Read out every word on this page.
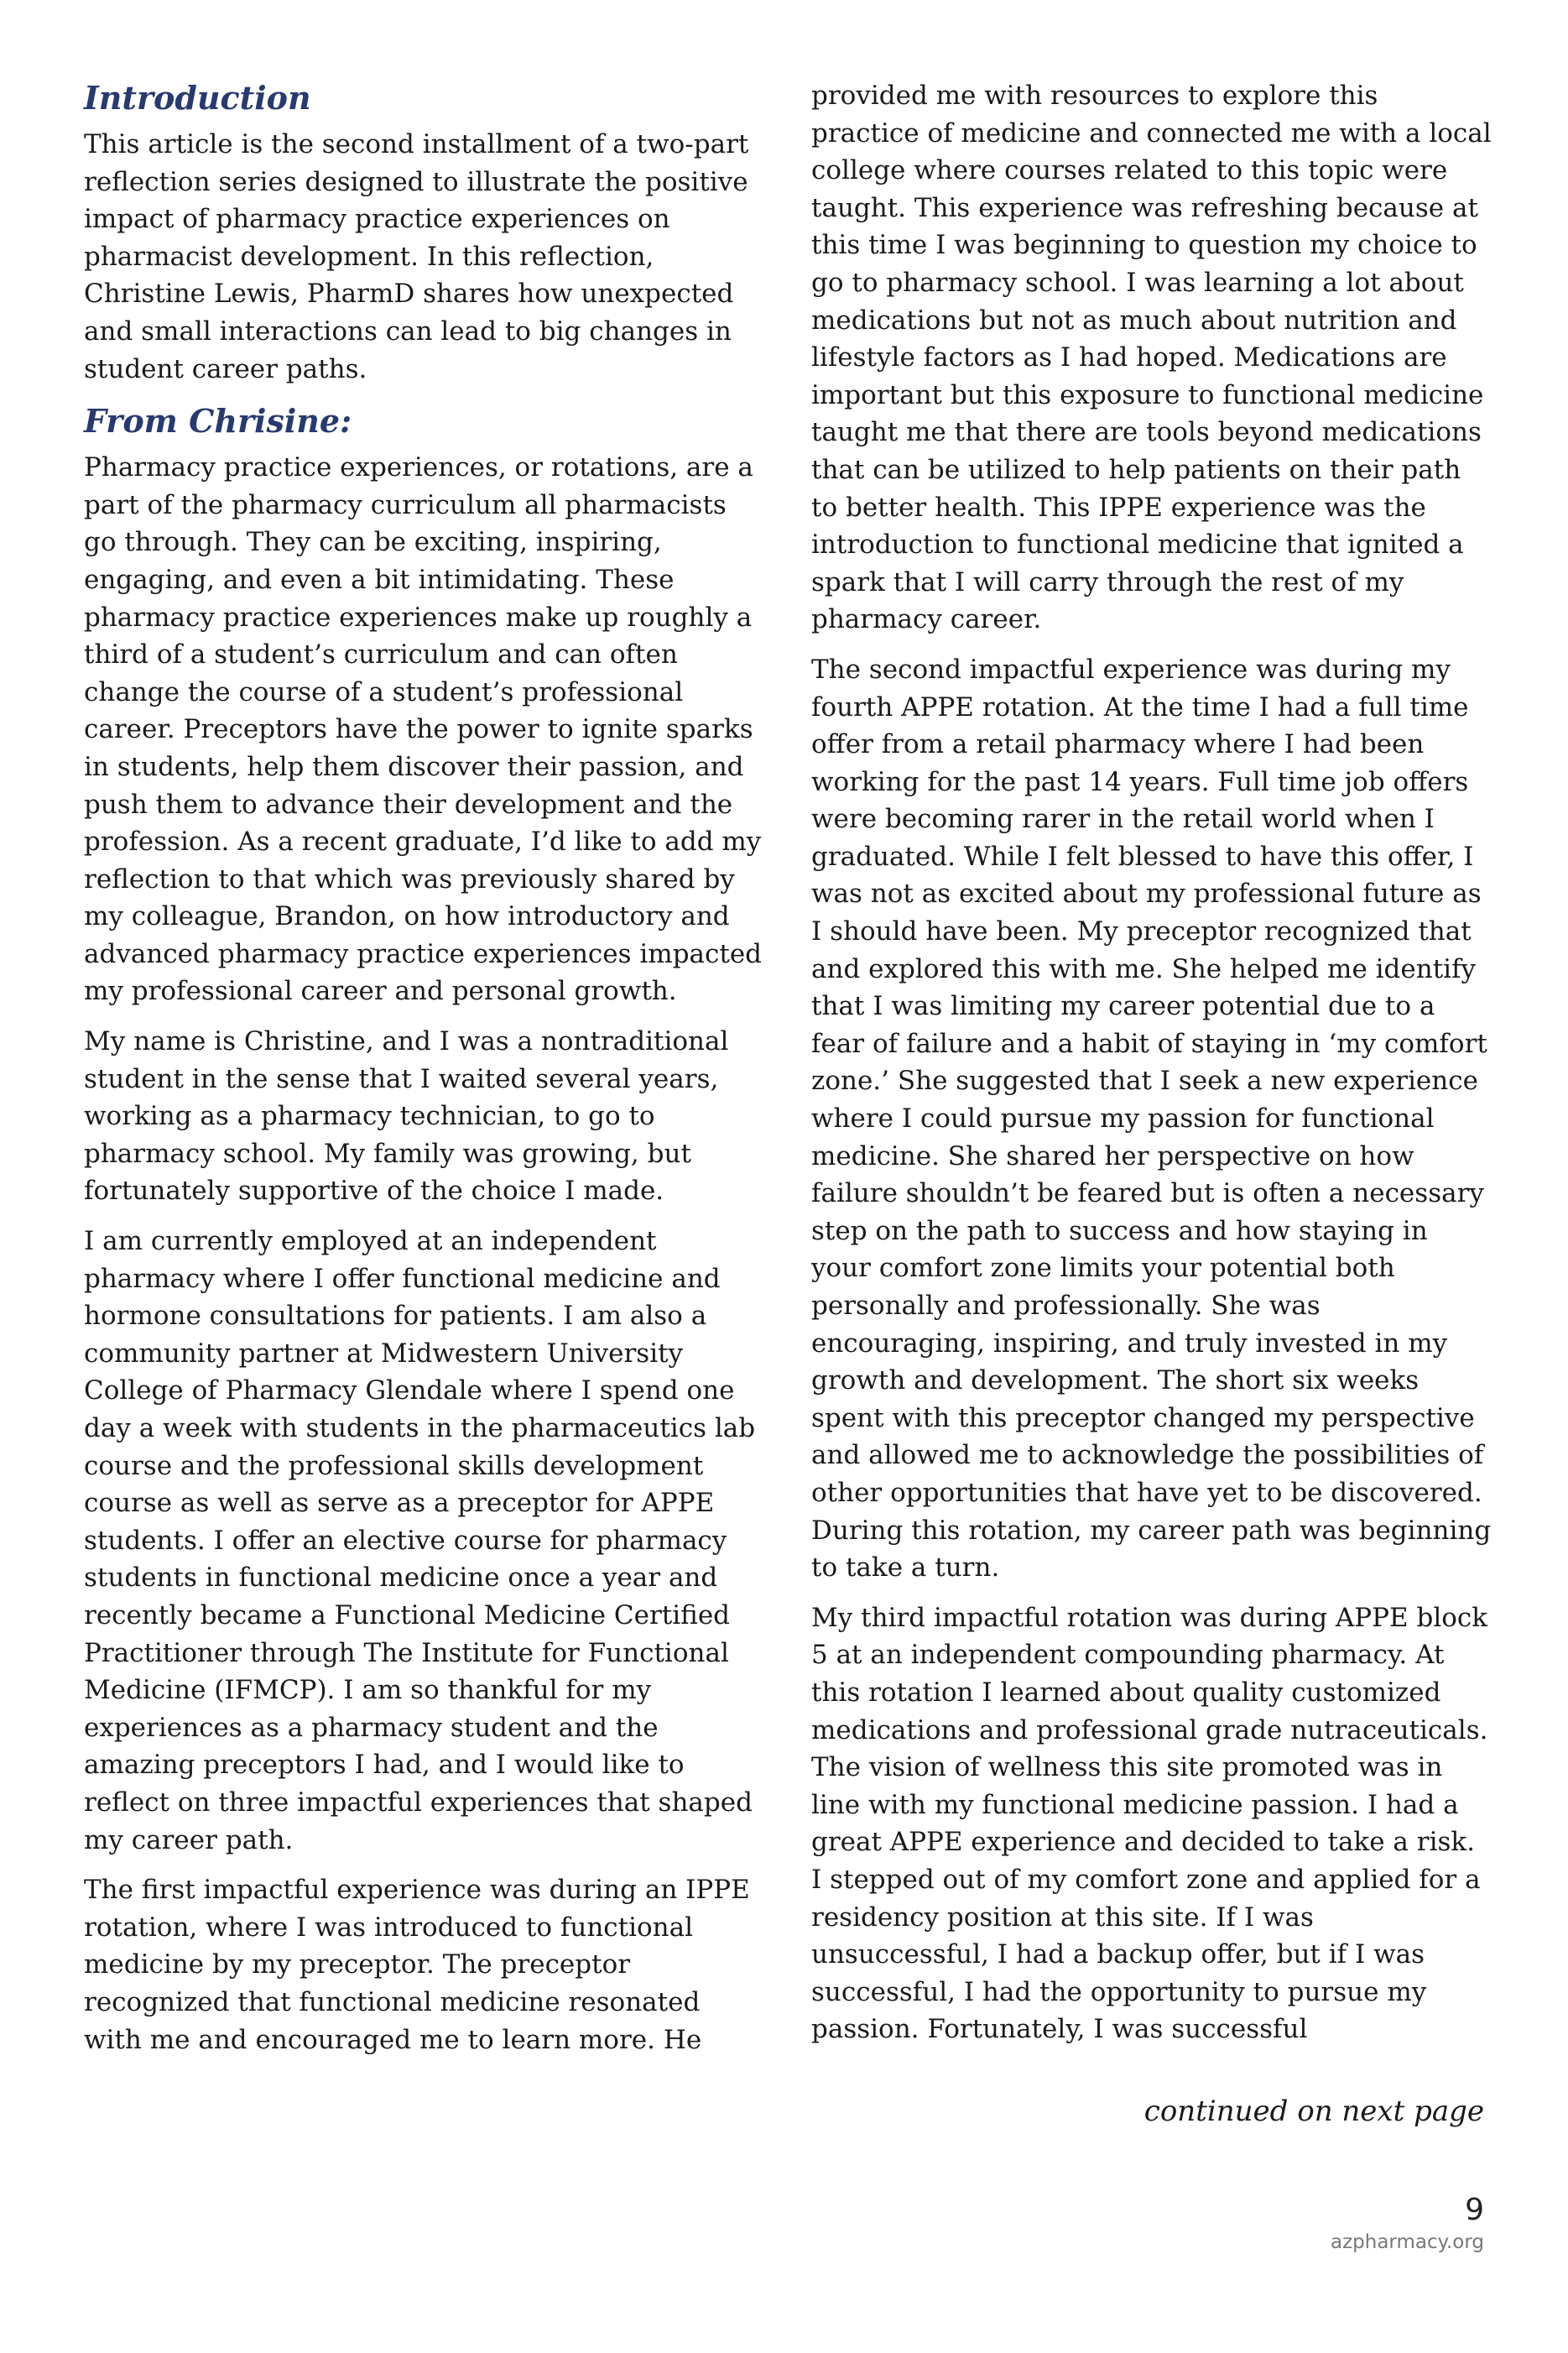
Introduction

This article is the second installment of a two-part reflection series designed to illustrate the positive impact of pharmacy practice experiences on pharmacist development. In this reflection, Christine Lewis, PharmD shares how unexpected and small interactions can lead to big changes in student career paths.

From Chrisine:

Pharmacy practice experiences, or rotations, are a part of the pharmacy curriculum all pharmacists go through. They can be exciting, inspiring, engaging, and even a bit intimidating. These pharmacy practice experiences make up roughly a third of a student’s curriculum and can often change the course of a student’s professional career. Preceptors have the power to ignite sparks in students, help them discover their passion, and push them to advance their development and the profession. As a recent graduate, I’d like to add my reflection to that which was previously shared by my colleague, Brandon, on how introductory and advanced pharmacy practice experiences impacted my professional career and personal growth.

My name is Christine, and I was a nontraditional student in the sense that I waited several years, working as a pharmacy technician, to go to pharmacy school. My family was growing, but fortunately supportive of the choice I made.

I am currently employed at an independent pharmacy where I offer functional medicine and hormone consultations for patients. I am also a community partner at Midwestern University College of Pharmacy Glendale where I spend one day a week with students in the pharmaceutics lab course and the professional skills development course as well as serve as a preceptor for APPE students. I offer an elective course for pharmacy students in functional medicine once a year and recently became a Functional Medicine Certified Practitioner through The Institute for Functional Medicine (IFMCP). I am so thankful for my experiences as a pharmacy student and the amazing preceptors I had, and I would like to reflect on three impactful experiences that shaped my career path.

The first impactful experience was during an IPPE rotation, where I was introduced to functional medicine by my preceptor. The preceptor recognized that functional medicine resonated with me and encouraged me to learn more. He

provided me with resources to explore this practice of medicine and connected me with a local college where courses related to this topic were taught. This experience was refreshing because at this time I was beginning to question my choice to go to pharmacy school. I was learning a lot about medications but not as much about nutrition and lifestyle factors as I had hoped. Medications are important but this exposure to functional medicine taught me that there are tools beyond medications that can be utilized to help patients on their path to better health. This IPPE experience was the introduction to functional medicine that ignited a spark that I will carry through the rest of my pharmacy career.

The second impactful experience was during my fourth APPE rotation. At the time I had a full time offer from a retail pharmacy where I had been working for the past 14 years. Full time job offers were becoming rarer in the retail world when I graduated. While I felt blessed to have this offer, I was not as excited about my professional future as I should have been. My preceptor recognized that and explored this with me. She helped me identify that I was limiting my career potential due to a fear of failure and a habit of staying in ‘my comfort zone.’ She suggested that I seek a new experience where I could pursue my passion for functional medicine. She shared her perspective on how failure shouldn’t be feared but is often a necessary step on the path to success and how staying in your comfort zone limits your potential both personally and professionally. She was encouraging, inspiring, and truly invested in my growth and development. The short six weeks spent with this preceptor changed my perspective and allowed me to acknowledge the possibilities of other opportunities that have yet to be discovered. During this rotation, my career path was beginning to take a turn.

My third impactful rotation was during APPE block 5 at an independent compounding pharmacy. At this rotation I learned about quality customized medications and professional grade nutraceuticals. The vision of wellness this site promoted was in line with my functional medicine passion. I had a great APPE experience and decided to take a risk. I stepped out of my comfort zone and applied for a residency position at this site. If I was unsuccessful, I had a backup offer, but if I was successful, I had the opportunity to pursue my passion. Fortunately, I was successful

continued on next page
9
azpharmacy.org
